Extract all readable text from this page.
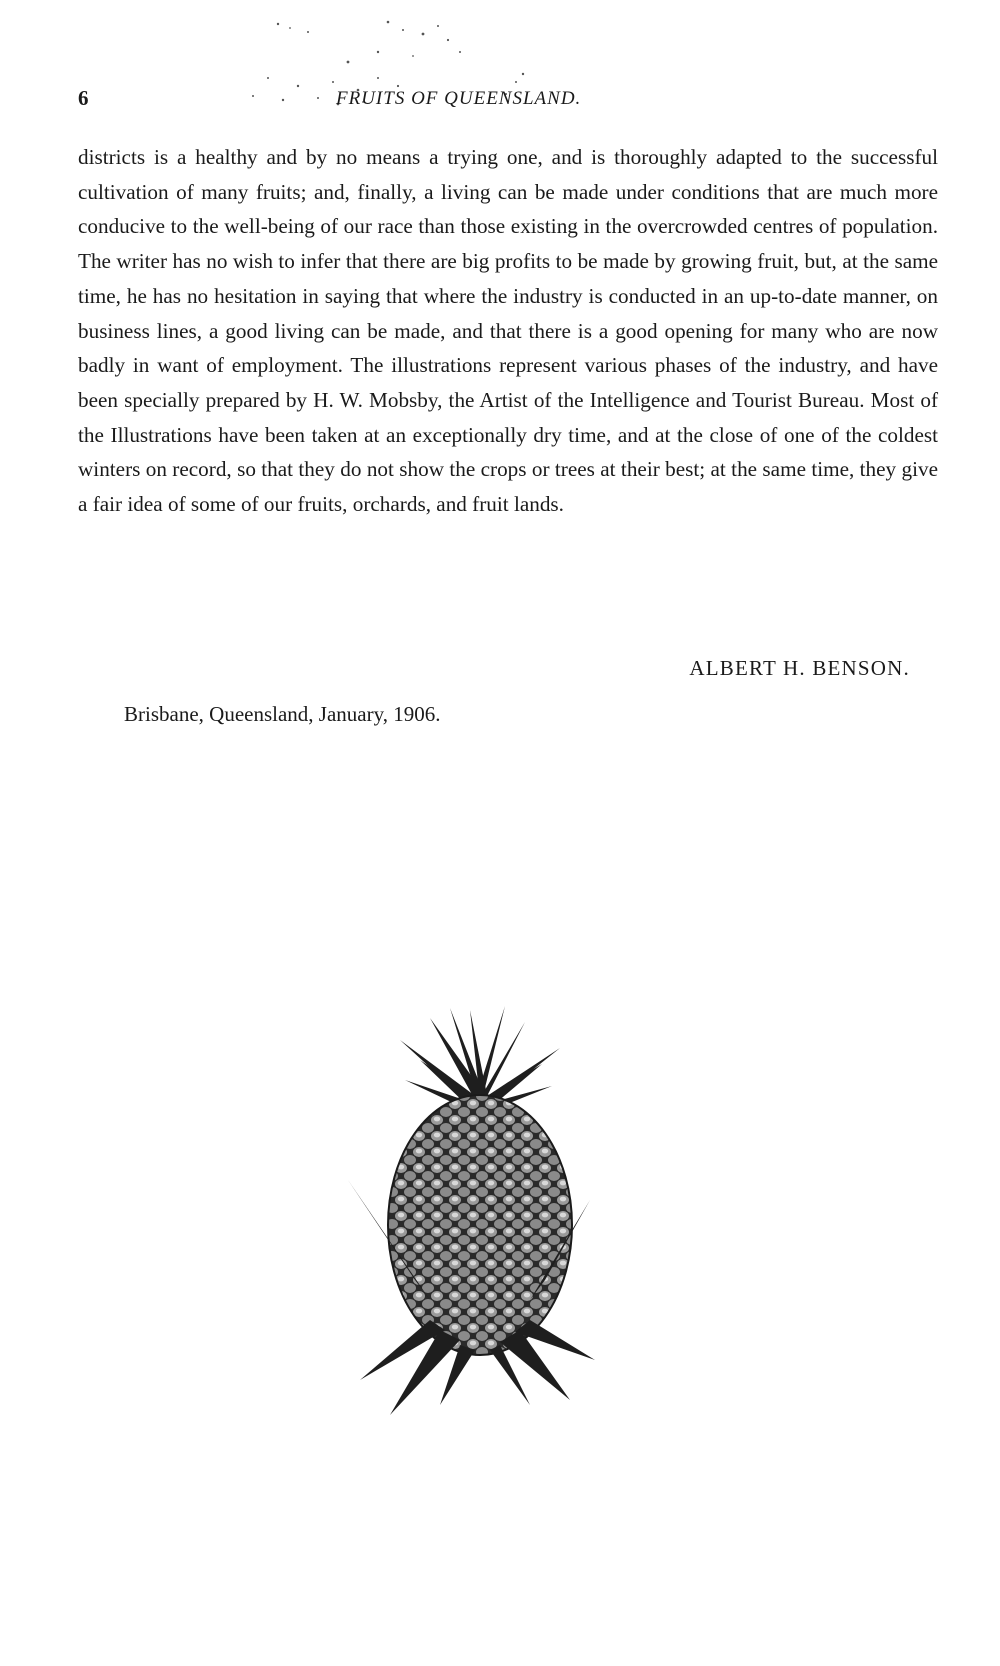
6	FRUITS OF QUEENSLAND.

districts is a healthy and by no means a trying one, and is thoroughly adapted to the successful cultivation of many fruits; and, finally, a living can be made under conditions that are much more conducive to the well-being of our race than those existing in the overcrowded centres of population. The writer has no wish to infer that there are big profits to be made by growing fruit, but, at the same time, he has no hesitation in saying that where the industry is conducted in an up-to-date manner, on business lines, a good living can be made, and that there is a good opening for many who are now badly in want of employment. The illustrations represent various phases of the industry, and have been specially prepared by H. W. Mobsby, the Artist of the Intelligence and Tourist Bureau. Most of the Illustrations have been taken at an exceptionally dry time, and at the close of one of the coldest winters on record, so that they do not show the crops or trees at their best; at the same time, they give a fair idea of some of our fruits, orchards, and fruit lands.

ALBERT H. BENSON.
Brisbane, Queensland, January, 1906.
